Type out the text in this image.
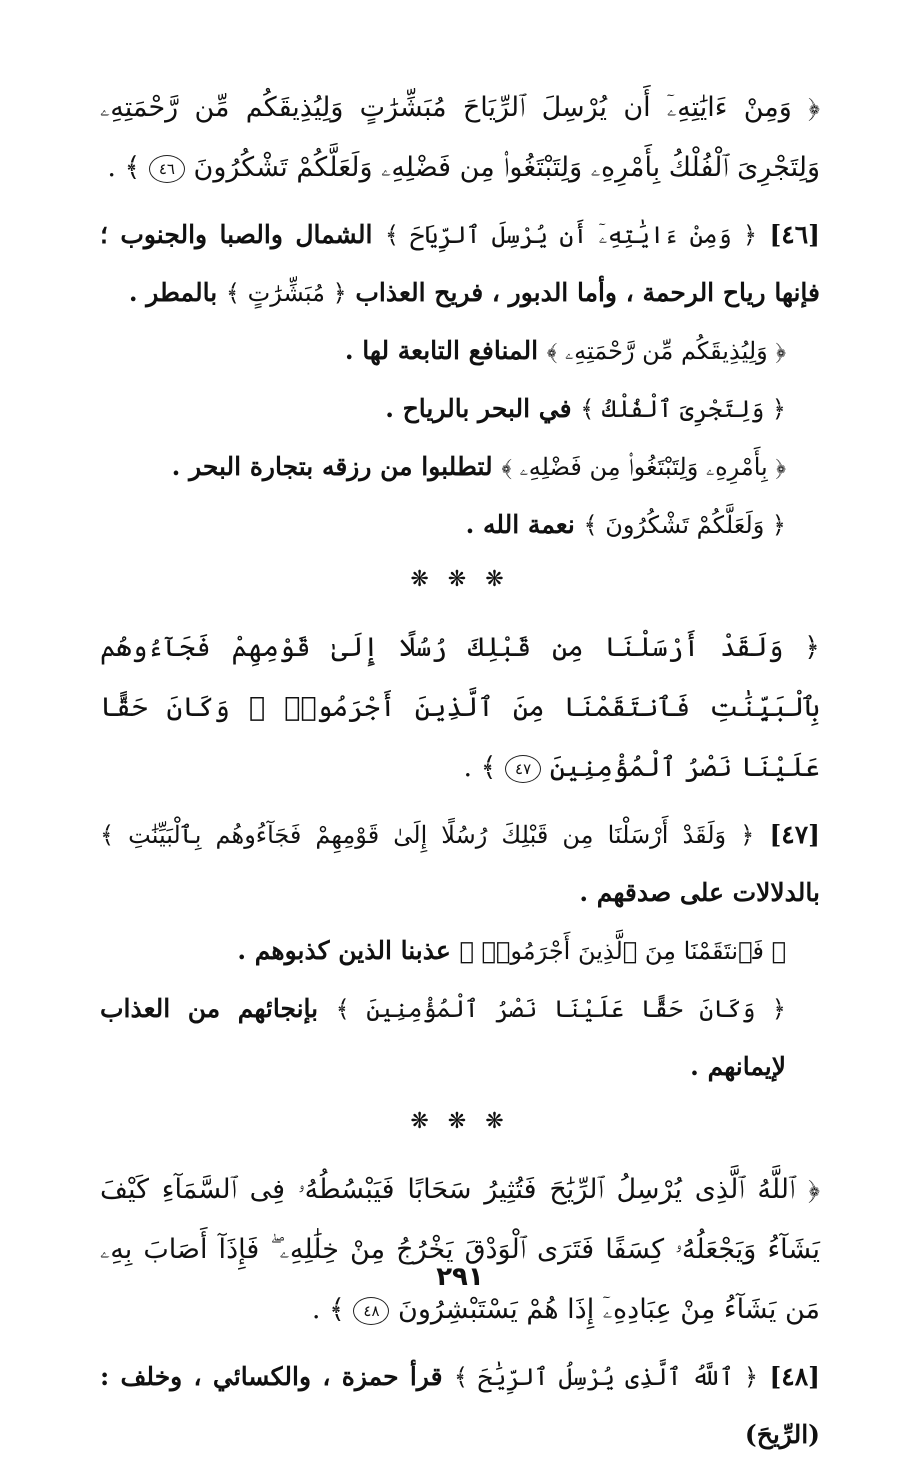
﴿ وَمِنْ ءَايَٰتِهِۦٓ أَن يُرْسِلَ ٱلرِّيَاحَ مُبَشِّرَٰتٍ وَلِيُذِيقَكُم مِّن رَّحْمَتِهِۦ وَلِتَجْرِىَ ٱلْفُلْكُ بِأَمْرِهِۦ وَلِتَبْتَغُوا۟ مِن فَضْلِهِۦ وَلَعَلَّكُمْ تَشْكُرُونَ ٤٦ ﴾ .

[٤٦] ﴿ وَمِنْ ءَايَٰتِهِۦٓ أَن يُرْسِلَ ٱلرِّيَاحَ ﴾ الشمال والصبا والجنوب ؛ فإنها رياح الرحمة ، وأما الدبور ، فريح العذاب ﴿ مُبَشِّرَٰتٍ ﴾ بالمطر .

﴿ وَلِيُذِيقَكُم مِّن رَّحْمَتِهِۦ ﴾ المنافع التابعة لها .

﴿ وَلِتَجْرِىَ ٱلْفُلْكُ ﴾ في البحر بالرياح .

﴿ بِأَمْرِهِۦ وَلِتَبْتَغُوا۟ مِن فَضْلِهِۦ ﴾ لتطلبوا من رزقه بتجارة البحر .

﴿ وَلَعَلَّكُمْ تَشْكُرُونَ ﴾ نعمة الله .

❋ ❋ ❋

﴿ وَلَقَدْ أَرْسَلْنَا مِن قَبْلِكَ رُسُلًا إِلَىٰ قَوْمِهِمْ فَجَآءُوهُم بِٱلْبَيِّنَٰتِ فَٱنتَقَمْنَا مِنَ ٱلَّذِينَ أَجْرَمُوا۟ ۖ وَكَانَ حَقًّا عَلَيْنَا نَصْرُ ٱلْمُؤْمِنِينَ ٤٧ ﴾ .

[٤٧] ﴿ وَلَقَدْ أَرْسَلْنَا مِن قَبْلِكَ رُسُلًا إِلَىٰ قَوْمِهِمْ فَجَآءُوهُم بِٱلْبَيِّنَٰتِ ﴾ بالدلالات على صدقهم .

﴿ فَٱنتَقَمْنَا مِنَ ٱلَّذِينَ أَجْرَمُوا۟ ﴾ عذبنا الذين كذبوهم .

﴿ وَكَانَ حَقًّا عَلَيْنَا نَصْرُ ٱلْمُؤْمِنِينَ ﴾ بإنجائهم من العذاب لإيمانهم .

❋ ❋ ❋

﴿ ٱللَّهُ ٱلَّذِى يُرْسِلُ ٱلرِّيَٰحَ فَتُثِيرُ سَحَابًا فَيَبْسُطُهُۥ فِى ٱلسَّمَآءِ كَيْفَ يَشَآءُ وَيَجْعَلُهُۥ كِسَفًا فَتَرَى ٱلْوَدْقَ يَخْرُجُ مِنْ خِلَٰلِهِۦ ۖ فَإِذَآ أَصَابَ بِهِۦ مَن يَشَآءُ مِنْ عِبَادِهِۦٓ إِذَا هُمْ يَسْتَبْشِرُونَ ٤٨ ﴾ .

[٤٨] ﴿ ٱللَّهُ ٱلَّذِى يُرْسِلُ ٱلرِّيَٰحَ ﴾ قرأ حمزة ، والكسائي ، وخلف : (الرِّيحَ)

٢٩١
